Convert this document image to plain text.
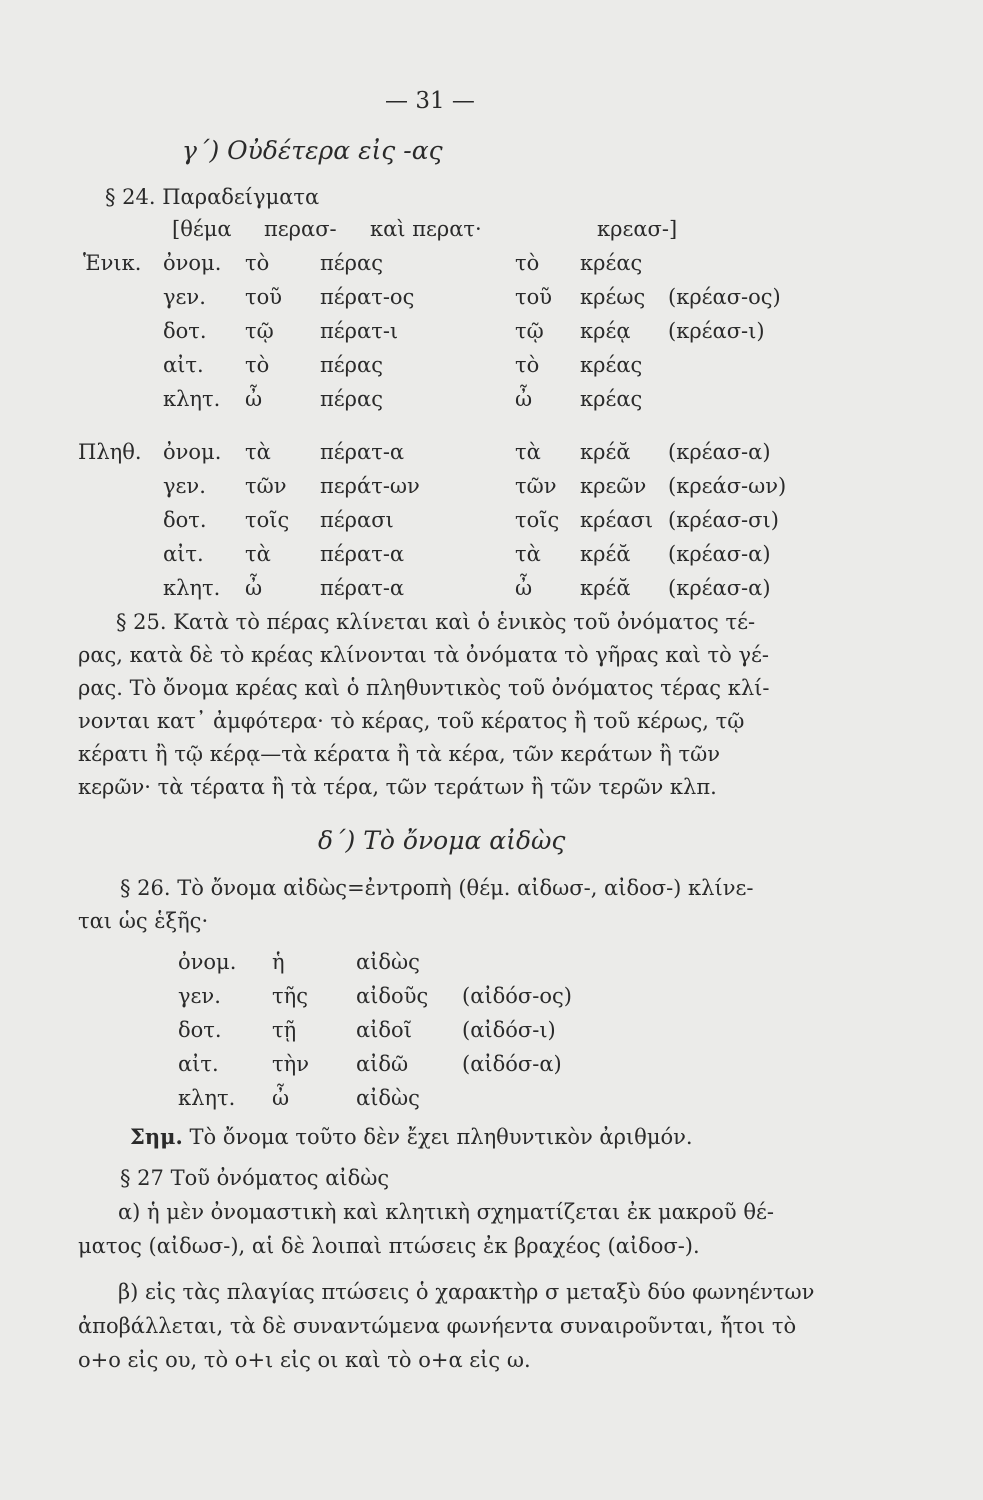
— 31 —
γ΄) Οὐδέτερα εἰς -ας
§ 24. Παραδείγματα
[θέμα περασ- καὶ περατ·	κρεασ-]
Ἑνικ. ὀνομ. τὸ πέρας	τὸ κρέας
γεν. τοῦ πέρατ-ος	τοῦ κρέως (κρέασ-ος)
δοτ. τῷ πέρατ-ι	τῷ κρέᾳ (κρέασ-ι)
αἰτ. τὸ πέρας	τὸ κρέας
κλητ. ὦ	πέρας	ὦ κρέας
Πληθ. ὀνομ. τὰ πέρατ-α	τὰ κρέᾰ (κρέασ-α)
γεν. τῶν περάτ-ων	τῶν κρεῶν (κρεάσ-ων)
δοτ. τοῖς πέρασι	τοῖς κρέασι (κρέασ-σι)
αἰτ. τὰ πέρατ-α	τὰ κρέᾰ (κρέασ-α)
κλητ. ὦ	πέρατ-α	ὦ κρέᾰ (κρέασ-α)
§ 25. Κατὰ τὸ πέρας κλίνεται καὶ ὁ ἑνικὸς τοῦ ὀνόματος τέ-
ρας, κατὰ δὲ τὸ κρέας κλίνονται τὰ ὀνόματα τὸ γῆρας καὶ τὸ γέ-
ρας. Τὸ ὄνομα κρέας καὶ ὁ πληθυντικὸς τοῦ ὀνόματος τέρας κλί-
νονται κατ᾿ ἀμφότερα· τὸ κέρας, τοῦ κέρατος ἢ τοῦ κέρως, τῷ
κέρατι ἢ τῷ κέρᾳ—τὰ κέρατα ἢ τὰ κέρα, τῶν κεράτων ἢ τῶν
κερῶν· τὰ τέρατα ἢ τὰ τέρα, τῶν τεράτων ἢ τῶν τερῶν κλπ.
δ΄) Τὸ ὄνομα αἰδὼς
§ 26. Τὸ ὄνομα αἰδὼς=ἐντροπὴ (θέμ. αἰδωσ-, αἰδοσ-) κλίνε-
ται ὡς ἑξῆς·
ὀνομ. ἡ	αἰδὼς
γεν. τῆς αἰδοῦς (αἰδόσ-ος)
δοτ. τῇ	αἰδοῖ (αἰδόσ-ι)
αἰτ.	τὴν αἰδῶ	(αἰδόσ-α)
κλητ. ὦ	αἰδὼς
Σημ. Τὸ ὄνομα τοῦτο δὲν ἔχει πληθυντικὸν ἀριθμόν.
§ 27 Τοῦ ὀνόματος αἰδὼς
α) ἡ μὲν ὀνομαστικὴ καὶ κλητικὴ σχηματίζεται ἐκ μακροῦ θέ-
ματος (αἰδωσ-), αἱ δὲ λοιπαὶ πτώσεις ἐκ βραχέος (αἰδοσ-).
β) εἰς τὰς πλαγίας πτώσεις ὁ χαρακτὴρ σ μεταξὺ δύο φωνηέντων
ἀποβάλλεται, τὰ δὲ συναντώμενα φωνήεντα συναιροῦνται, ἤτοι τὸ
ο+ο εἰς ου, τὸ ο+ι εἰς οι καὶ τὸ ο+α εἰς ω.
